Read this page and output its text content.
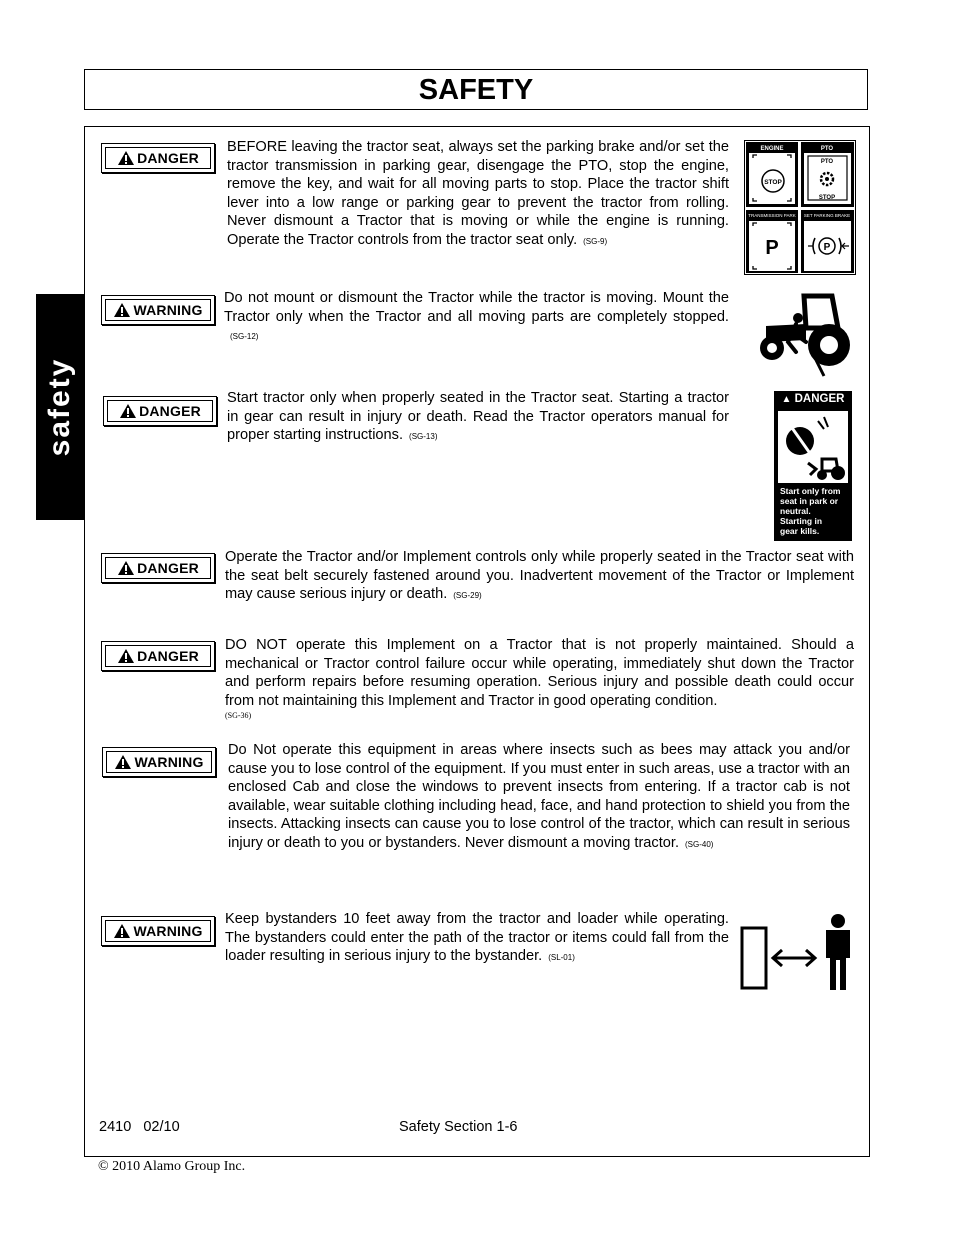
SAFETY
safety
DANGER
BEFORE leaving the tractor seat, always set the parking brake and/or set the tractor transmission in parking gear, disengage the PTO, stop the engine, remove the key, and wait for all moving parts to stop. Place the tractor shift lever into a low range or parking gear to prevent the tractor from rolling. Never dismount a Tractor that is moving or while the engine is running. Operate the Tractor controls from the tractor seat only. (SG-9)
ENGINE	PTO
STOP
PTO
STOP
TRANSMISSION PARK SET PARKING BRAKE
P	P
WARNING
Do not mount or dismount the Tractor while the tractor is moving. Mount the Tractor only when the Tractor and all moving parts are completely stopped.(SG-12)
DANGER
Start tractor only when properly seated in the Tractor seat. Starting a tractor in gear can result in injury or death. Read the Tractor operators manual for proper starting instructions. (SG-13)
▲ DANGER
Start only from
seat in park or
neutral.
Starting in
gear kills.
DANGER
Operate the Tractor and/or Implement controls only while properly seated in the Tractor seat with the seat belt securely fastened around you. Inadvertent movement of the Tractor or Implement may cause serious injury or death. (SG-29)
DANGER
DO NOT operate this Implement on a Tractor that is not properly maintained. Should a mechanical or Tractor control failure occur while operating, immediately shut down the Tractor and perform repairs before resuming operation. Serious injury and possible death could occur from not maintaining this Implement and Tractor in good operating condition.
(SG-36)
WARNING
Do Not operate this equipment in areas where insects such as bees may attack you and/or cause you to lose control of the equipment. If you must enter in such areas, use a tractor with an enclosed Cab and close the windows to prevent insects from entering. If a tractor cab is not available, wear suitable clothing including head, face, and hand protection to shield you from the insects. Attacking insects can cause you to lose control of the tractor, which can result in serious injury or death to you or bystanders. Never dismount a moving tractor. (SG-40)
WARNING
Keep bystanders 10 feet away from the tractor and loader while operating. The bystanders could enter the path of the tractor or items could fall from the loader resulting in serious injury to the bystander. (SL-01)
2410 02/10	Safety Section 1-6
© 2010 Alamo Group Inc.
